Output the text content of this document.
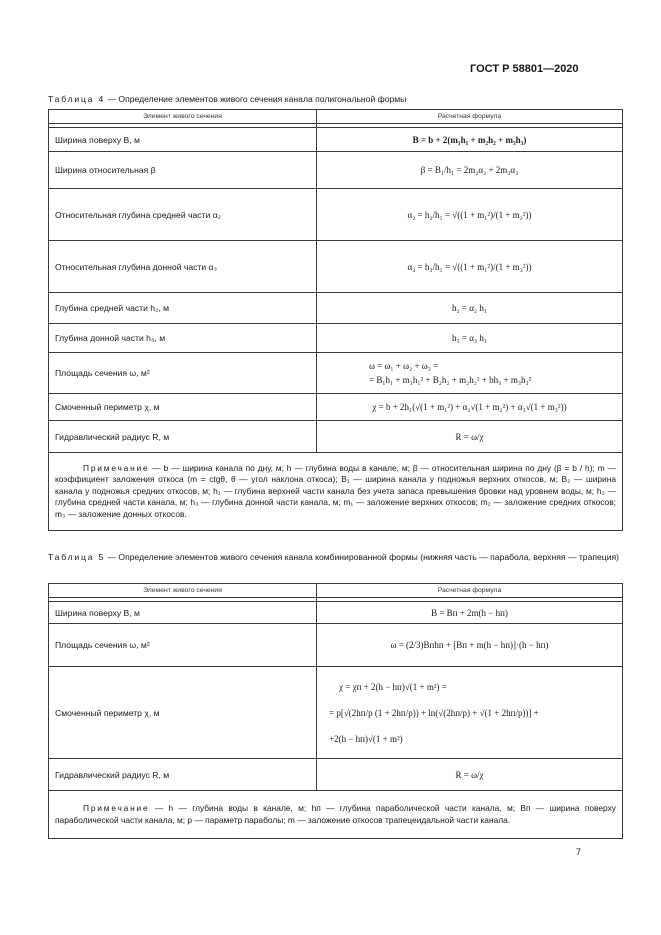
ГОСТ Р 58801—2020
Таблица 4 — Определение элементов живого сечения канала полигональной формы
Элемент живого сечения	Расчетная формула

Ширина поверху B, м	B = b + 2(m₁h₁ + m₂h₂ + m₃h₃)
Ширина относительная β	β = B₁/h₁ = 2m₂α₂ + 2m₃α₃
Относительная глубина средней части α₂	α₂ = h₂/h₁ = √((1 + m₁²)/(1 + m₂²))
Относительная глубина донной части α₃	α₃ = h₃/h₁ = √((1 + m₁²)/(1 + m₃²))
Глубина средней части h₂, м	h₂ = α₂ h₁
Глубина донной части h₃, м	h₃ = α₃ h₁
Площадь сечения ω, м²	ω = ω₁ + ω₂ + ω₃ =
= B₁h₁ + m₁h₁² + B₂h₂ + m₂h₂² + bh₃ + m₃h₃²

Смоченный периметр χ, м	χ = b + 2h₁(√(1 + m₁²) + α₂√(1 + m₂²) + α₃√(1 + m₃²))
Гидравлический радиус R, м	R = ω/χ
Примечание — b — ширина канала по дну, м; h — глубина воды в канале, м; β — относительная ширина по дну (β = b / h); m — коэффициент заложения откоса (m = ctgθ, θ — угол наклона откоса); B₁ — ширина канала у подножья верхних откосов, м; B₂ — ширина канала у подножья средних откосов, м; h₁ — глубина верхней части канала без учета запаса превышения бровки над уровнем воды, м; h₂ — глубина средней части канала, м; h₃ — глубина донной части канала, м; m₁ — заложение верхних откосов; m₂ — заложение средних откосов; m₃ — заложение донных откосов.	
Таблица 5 — Определение элементов живого сечения канала комбинированной формы (нижняя часть — парабола, верхняя — трапеция)
Элемент живого сечения	Расчетная формула

Ширина поверху B, м	B = Bп + 2m(h − hп)
Площадь сечения ω, м²	ω = (2/3)Bпhп + [Bп + m(h − hп)]·(h − hп)
Смоченный периметр χ, м	χ = χп + 2(h − hп)√(1 + m²) =
= p[√(2hп/p (1 + 2hп/p)) + ln(√(2hп/p) + √(1 + 2hп/p))] +
+2(h − hп)√(1 + m²)

Гидравлический радиус R, м	R = ω/χ
Примечание — h — глубина воды в канале, м; hп — глубина параболической части канала, м; Bп — ширина поверху параболической части канала, м; p — параметр параболы; m — заложение откосов трапецеидальной части канала.	
7
